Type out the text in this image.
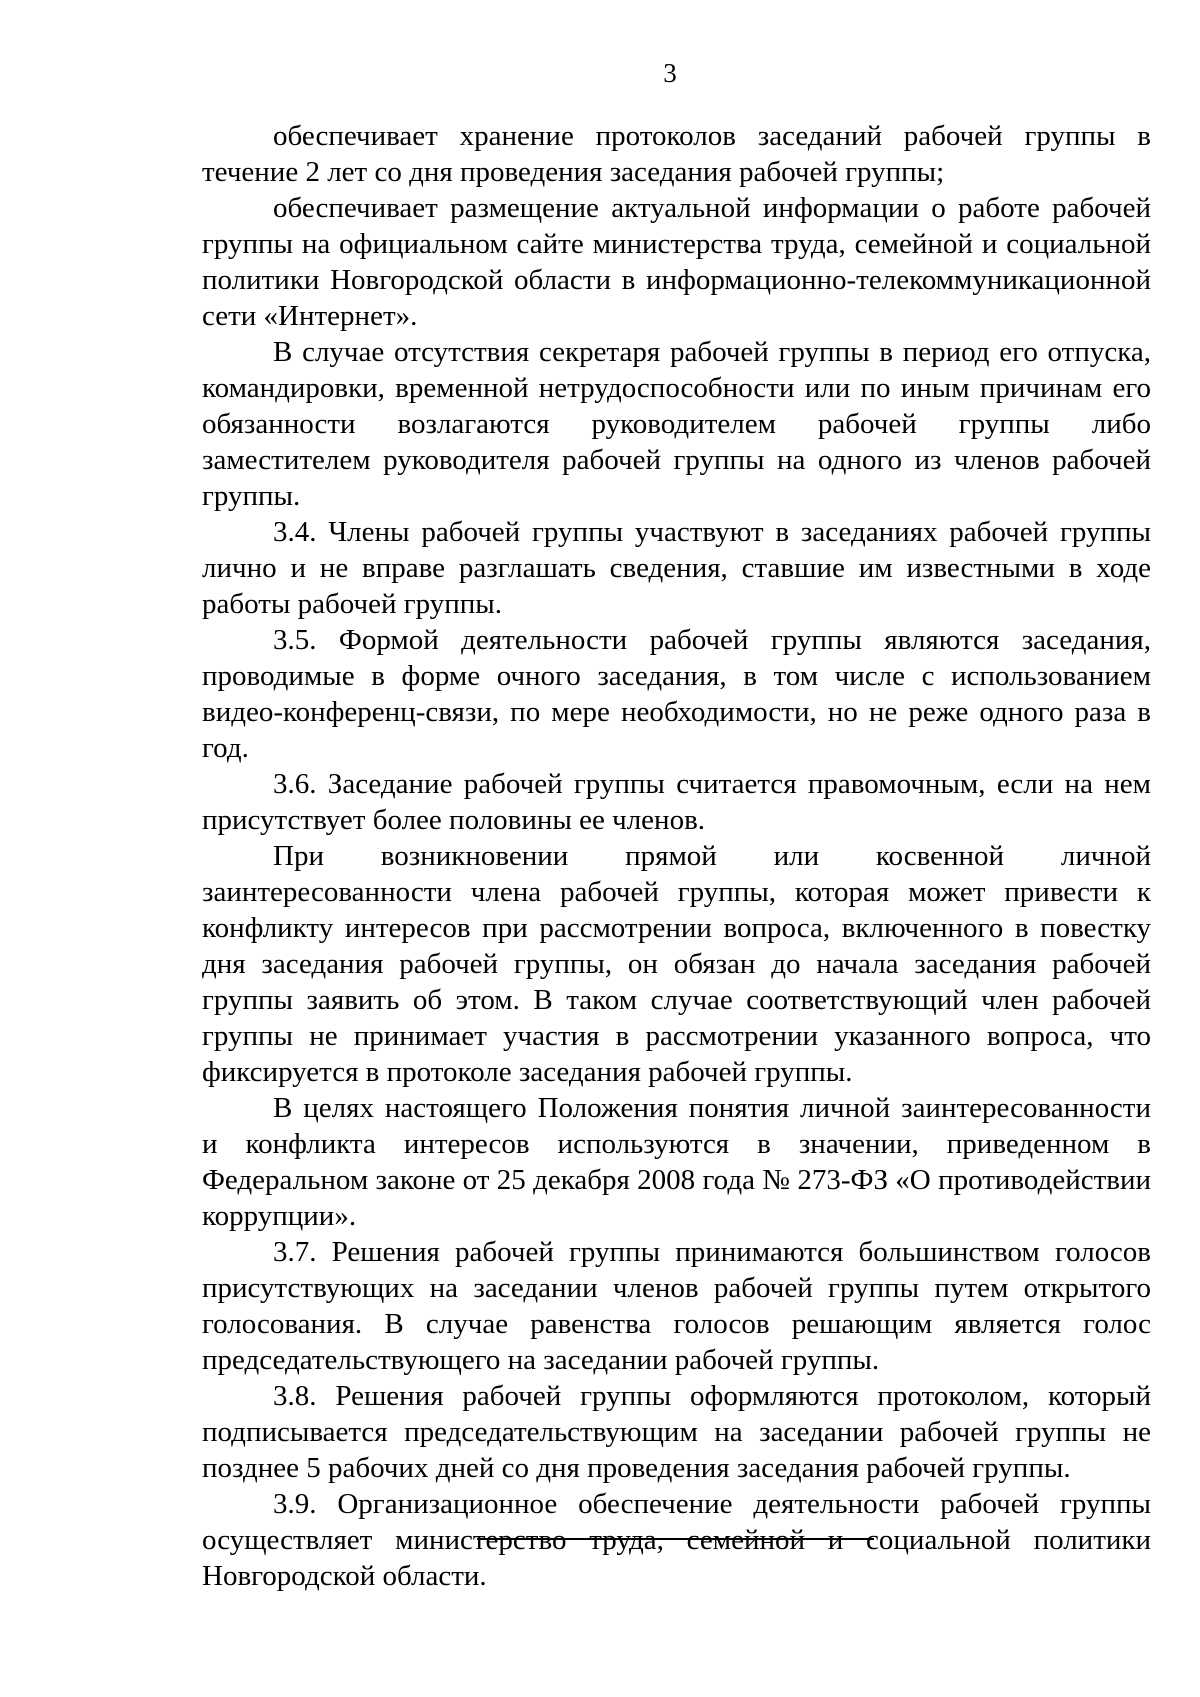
3

обеспечивает хранение протоколов заседаний рабочей группы в течение 2 лет со дня проведения заседания рабочей группы;

обеспечивает размещение актуальной информации о работе рабочей группы на официальном сайте министерства труда, семейной и социальной политики Новгородской области в информационно-телекоммуникационной сети «Интернет».

В случае отсутствия секретаря рабочей группы в период его отпуска, командировки, временной нетрудоспособности или по иным причинам его обязанности возлагаются руководителем рабочей группы либо заместителем руководителя рабочей группы на одного из членов рабочей группы.

3.4. Члены рабочей группы участвуют в заседаниях рабочей группы лично и не вправе разглашать сведения, ставшие им известными в ходе работы рабочей группы.

3.5. Формой деятельности рабочей группы являются заседания, проводимые в форме очного заседания, в том числе с использованием видео-конференц-связи, по мере необходимости, но не реже одного раза в год.

3.6. Заседание рабочей группы считается правомочным, если на нем присутствует более половины ее членов.

При возникновении прямой или косвенной личной заинтересованности члена рабочей группы, которая может привести к конфликту интересов при рассмотрении вопроса, включенного в повестку дня заседания рабочей группы, он обязан до начала заседания рабочей группы заявить об этом. В таком случае соответствующий член рабочей группы не принимает участия в рассмотрении указанного вопроса, что фиксируется в протоколе заседания рабочей группы.

В целях настоящего Положения понятия личной заинтересованности и конфликта интересов используются в значении, приведенном в Федеральном законе от 25 декабря 2008 года № 273-ФЗ «О противодействии коррупции».

3.7. Решения рабочей группы принимаются большинством голосов присутствующих на заседании членов рабочей группы путем открытого голосования. В случае равенства голосов решающим является голос председательствующего на заседании рабочей группы.

3.8. Решения рабочей группы оформляются протоколом, который подписывается председательствующим на заседании рабочей группы не позднее 5 рабочих дней со дня проведения заседания рабочей группы.

3.9. Организационное обеспечение деятельности рабочей группы осуществляет министерство труда, семейной и социальной политики Новгородской области.
